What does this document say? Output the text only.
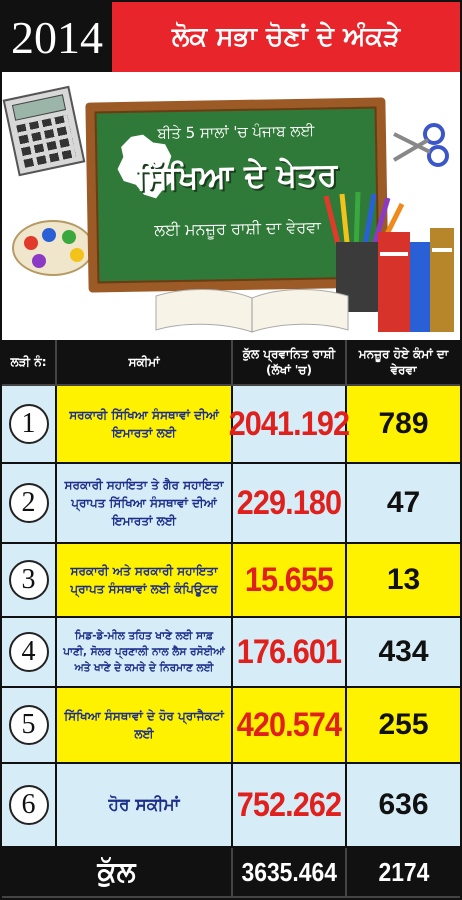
2014	ਲੋਕ ਸਭਾ ਚੋਣਾਂ ਦੇ ਅੰਕੜੇ
ਬੀਤੇ 5 ਸਾਲਾਂ 'ਚ ਪੰਜਾਬ ਲਈ
ਸਿੱਖਿਆ ਦੇ ਖੇਤਰ
ਲਈ ਮਨਜ਼ੂਰ ਰਾਸ਼ੀ ਦਾ ਵੇਰਵਾ
ਲੜੀ ਨੰ:	ਸਕੀਮਾਂ
ਕੁੱਲ ਪ੍ਰਵਾਨਿਤ ਰਾਸ਼ੀ (ਲੱਖਾਂ 'ਚ)
ਮਨਜ਼ੂਰ ਹੋਏ ਕੰਮਾਂ ਦਾ ਵੇਰਵਾ
1	ਸਰਕਾਰੀ ਸਿੱਖਿਆ ਸੰਸਥਾਵਾਂ ਦੀਆਂ ਇਮਾਰਤਾਂ ਲਈ	2041.192 789
2
ਸਰਕਾਰੀ ਸਹਾਇਤਾ ਤੇ ਗੈਰ ਸਹਾਇਤਾ ਪ੍ਰਾਪਤ ਸਿੱਖਿਆ ਸੰਸਥਾਵਾਂ ਦੀਆਂ ਇਮਾਰਤਾਂ ਲਈ	229.180 47
3	ਸਰਕਾਰੀ ਅਤੇ ਸਰਕਾਰੀ ਸਹਾਇਤਾ ਪ੍ਰਾਪਤ ਸੰਸਥਾਵਾਂ ਲਈ ਕੰਪਿਊਟਰ 15.655 13
4	ਮਿਡ-ਡੇ-ਮੀਲ ਤਹਿਤ ਖਾਣੇ ਲਈ ਸਾਫ਼ ਪਾਣੀ, ਸੋਲਰ ਪ੍ਰਣਾਲੀ ਨਾਲ ਲੈਸ ਰਸੋਈਆਂ ਅਤੇ ਖਾਣੇ ਦੇ ਕਮਰੇ ਦੇ ਨਿਰਮਾਣ ਲਈ 176.601 434
5	ਸਿੱਖਿਆ ਸੰਸਥਾਵਾਂ ਦੇ ਹੋਰ ਪ੍ਰਾਜੈਕਟਾਂ ਲਈ	420.574 255
6	ਹੋਰ ਸਕੀਮਾਂ 752.262 636
ਕੁੱਲ	3635.464 2174
